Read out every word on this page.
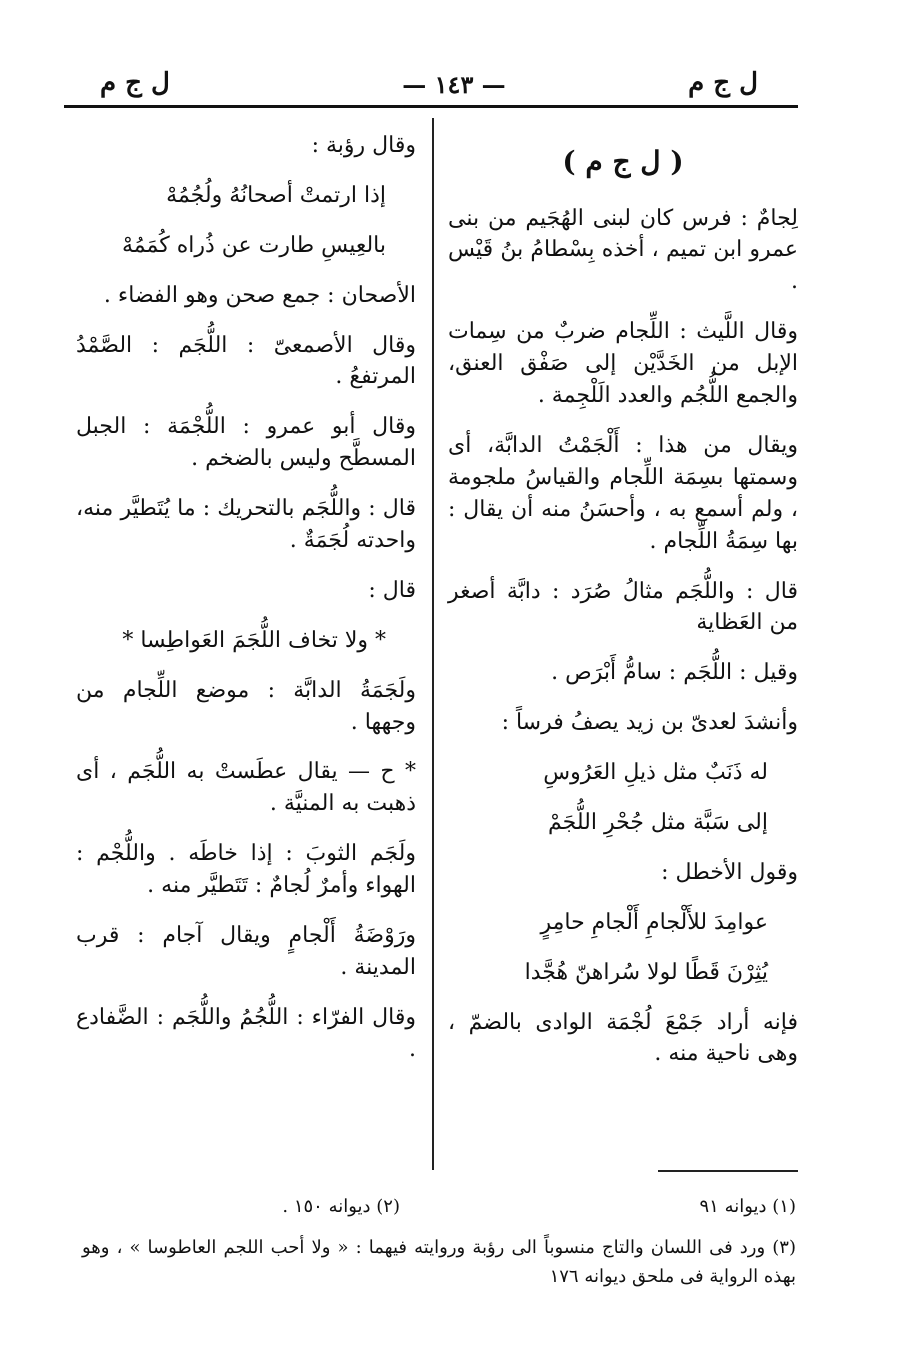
ل ج م
— ١٤٣ —
ل ج م
( ل ج م )

لِجامٌ : فرس كان لبنى الهُجَيم من بنى عمرو ابن تميم ، أخذه بِسْطامُ بنُ قَيْس .

وقال اللَّيث : اللِّجام ضربٌ من سِمات الإبل من الخَدَّيْن إلى صَفْق العنق، والجمع اللُّجُم والعدد الَلْجِمة .

ويقال من هذا : أَلْجَمْتُ الدابَّة، أى وسمتها بسِمَة اللِّجام والقياسُ ملجومة ، ولم أسمع به ، وأحسَنُ منه أن يقال : بها سِمَةُ اللِّجام .

قال : واللُّجَم مثالُ صُرَد : دابَّة أصغر من العَظاية

وقيل : اللُّجَم : سامُّ أَبْرَص .

وأنشدَ لعدىّ بن زيد يصفُ فرساً :

له ذَنَبٌ مثل ذيلِ العَرُوسِ

إلى سَبَّة مثل جُحْرِ اللُّجَمْ

وقول الأخطل :

عوامِدَ للأَلْجامِ أَلْجامِ حامِرٍ

يُثِرْنَ قَطًا لولا سُراهنّ هُجَّدا

فإنه أراد جَمْعَ لُجْمَة الوادى بالضمّ ، وهى ناحية منه .

وقال رؤبة :

إذا ارتمتْ أصحانُهُ ولُجُمُهْ

بالعِيسِ طارت عن ذُراه كُمَمُهْ

الأصحان : جمع صحن وهو الفضاء .

وقال الأصمعىّ : اللُّجَم : الصَّمْدُ المرتفعُ .

وقال أبو عمرو : اللُّجْمَة : الجبل المسطَّح وليس بالضخم .

قال : واللُّجَم بالتحريك : ما يُتَطيَّر منه، واحدته لُجَمَةٌ .

قال :

* ولا تخاف اللُّجَمَ العَواطِسا *

ولَجَمَةُ الدابَّة : موضع اللِّجام من وجهها .

* ح — يقال عطَستْ به اللُّجَم ، أى ذهبت به المنيَّة .

ولَجَم الثوبَ : إذا خاطَه . واللُّجْم : الهواء وأمرٌ لُجامٌ : تَتَطيَّر منه .

ورَوْضَةُ أَلْجامٍ ويقال آجام : قرب المدينة .

وقال الفرّاء : اللُّجُمُ واللُّجَم : الضَّفادع .

(١) ديوانه ٩١
(٢) ديوانه ١٥٠ .
(٣) ورد فى اللسان والتاج منسوباً الى رؤبة وروايته فيهما : « ولا أحب اللجم العاطوسا » ، وهو بهذه الرواية فى ملحق ديوانه ١٧٦
